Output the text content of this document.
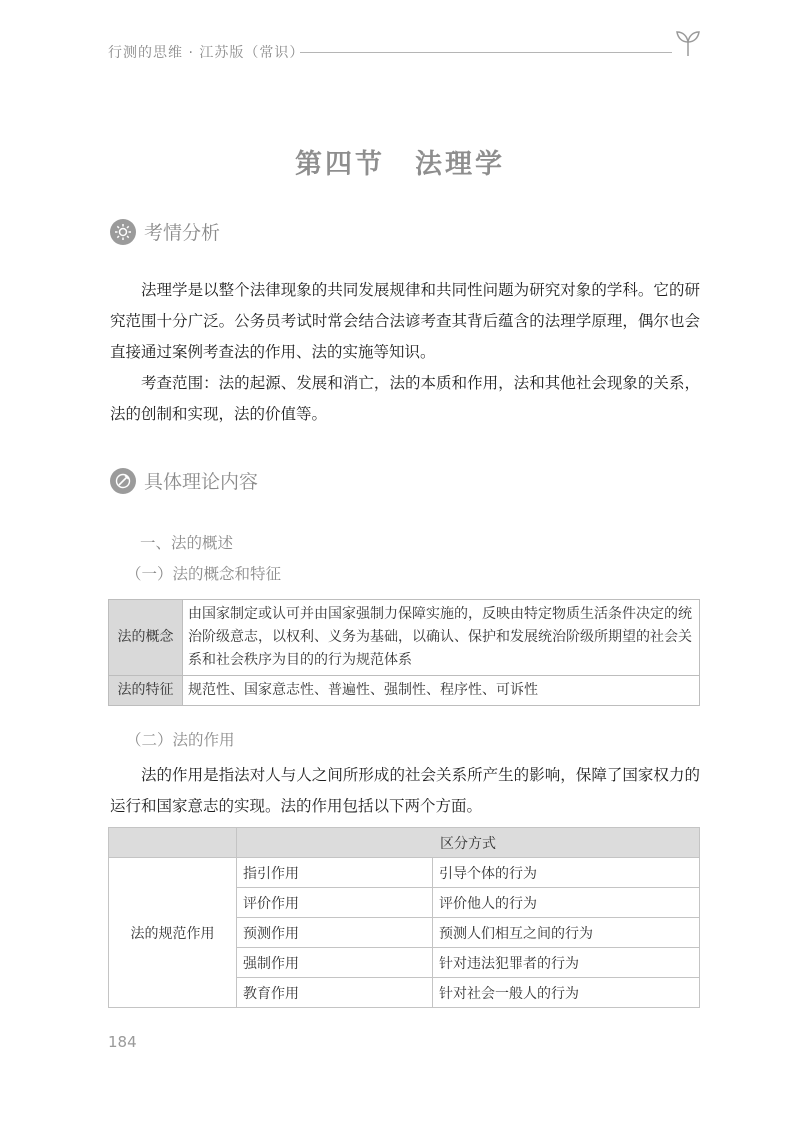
行测的思维 · 江苏版（常识）
第四节　法理学
考情分析

法理学是以整个法律现象的共同发展规律和共同性问题为研究对象的学科。它的研究范围十分广泛。公务员考试时常会结合法谚考查其背后蕴含的法理学原理，偶尔也会直接通过案例考查法的作用、法的实施等知识。

考查范围：法的起源、发展和消亡，法的本质和作用，法和其他社会现象的关系，法的创制和实现，法的价值等。

具体理论内容
一、法的概述
（一）法的概念和特征
法的概念	由国家制定或认可并由国家强制力保障实施的，反映由特定物质生活条件决定的统治阶级意志，以权利、义务为基础，以确认、保护和发展统治阶级所期望的社会关系和社会秩序为目的的行为规范体系
法的特征	规范性、国家意志性、普遍性、强制性、程序性、可诉性
（二）法的作用

法的作用是指法对人与人之间所形成的社会关系所产生的影响，保障了国家权力的运行和国家意志的实现。法的作用包括以下两个方面。

	区分方式	
法的规范作用	指引作用	引导个体的行为
	评价作用	评价他人的行为
	预测作用	预测人们相互之间的行为
	强制作用	针对违法犯罪者的行为
	教育作用	针对社会一般人的行为
184
